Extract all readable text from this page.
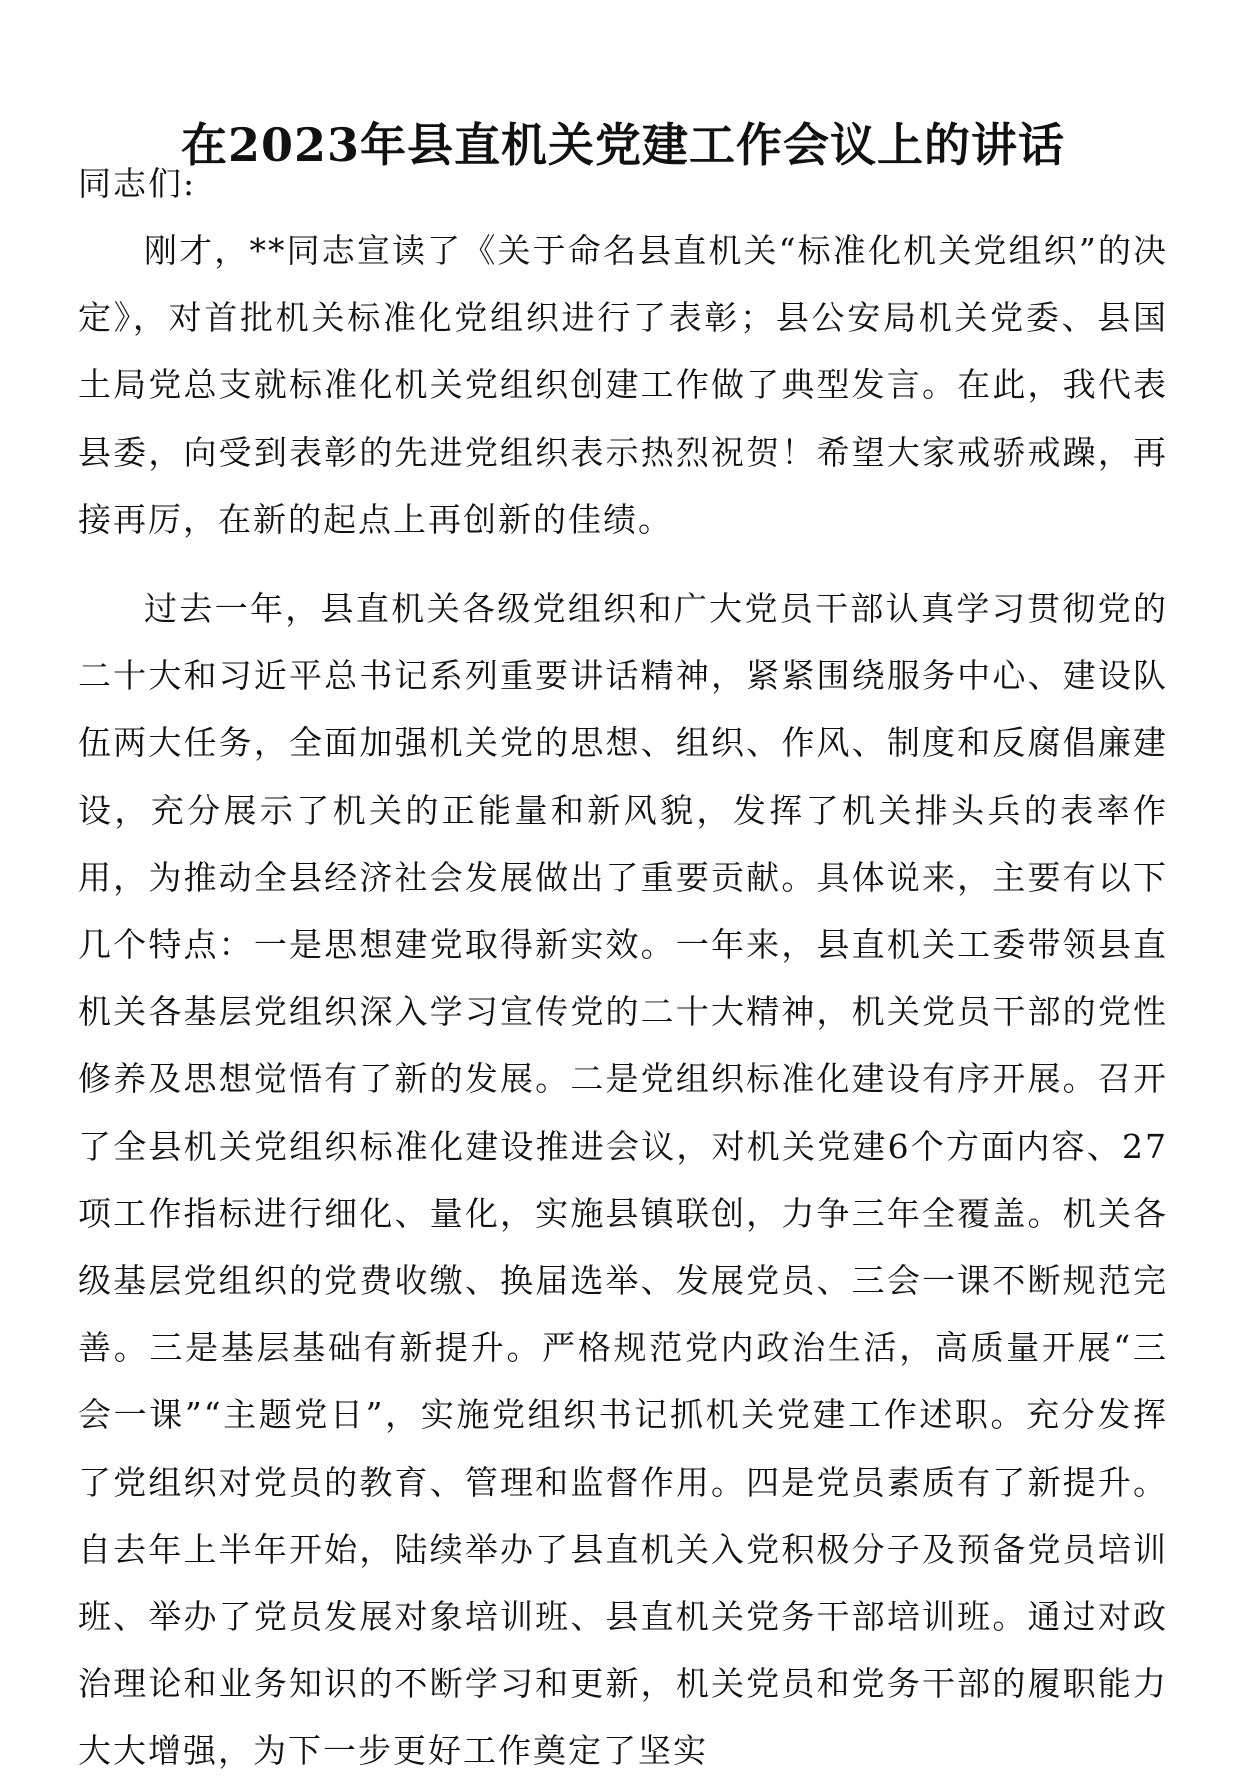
在2023年县直机关党建工作会议上的讲话

同志们:

刚才，**同志宣读了《关于命名县直机关“标准化机关党组织”的决定》，对首批机关标准化党组织进行了表彰；县公安局机关党委、县国土局党总支就标准化机关党组织创建工作做了典型发言。在此，我代表县委，向受到表彰的先进党组织表示热烈祝贺！希望大家戒骄戒躁，再接再厉，在新的起点上再创新的佳绩。

过去一年，县直机关各级党组织和广大党员干部认真学习贯彻党的二十大和习近平总书记系列重要讲话精神，紧紧围绕服务中心、建设队伍两大任务，全面加强机关党的思想、组织、作风、制度和反腐倡廉建设，充分展示了机关的正能量和新风貌，发挥了机关排头兵的表率作用，为推动全县经济社会发展做出了重要贡献。具体说来，主要有以下几个特点：一是思想建党取得新实效。一年来，县直机关工委带领县直机关各基层党组织深入学习宣传党的二十大精神，机关党员干部的党性修养及思想觉悟有了新的发展。二是党组织标准化建设有序开展。召开了全县机关党组织标准化建设推进会议，对机关党建6个方面内容、27项工作指标进行细化、量化，实施县镇联创，力争三年全覆盖。机关各级基层党组织的党费收缴、换届选举、发展党员、三会一课不断规范完善。三是基层基础有新提升。严格规范党内政治生活，高质量开展“三会一课”“主题党日”，实施党组织书记抓机关党建工作述职。充分发挥了党组织对党员的教育、管理和监督作用。四是党员素质有了新提升。自去年上半年开始，陆续举办了县直机关入党积极分子及预备党员培训班、举办了党员发展对象培训班、县直机关党务干部培训班。通过对政治理论和业务知识的不断学习和更新，机关党员和党务干部的履职能力大大增强，为下一步更好工作奠定了坚实
